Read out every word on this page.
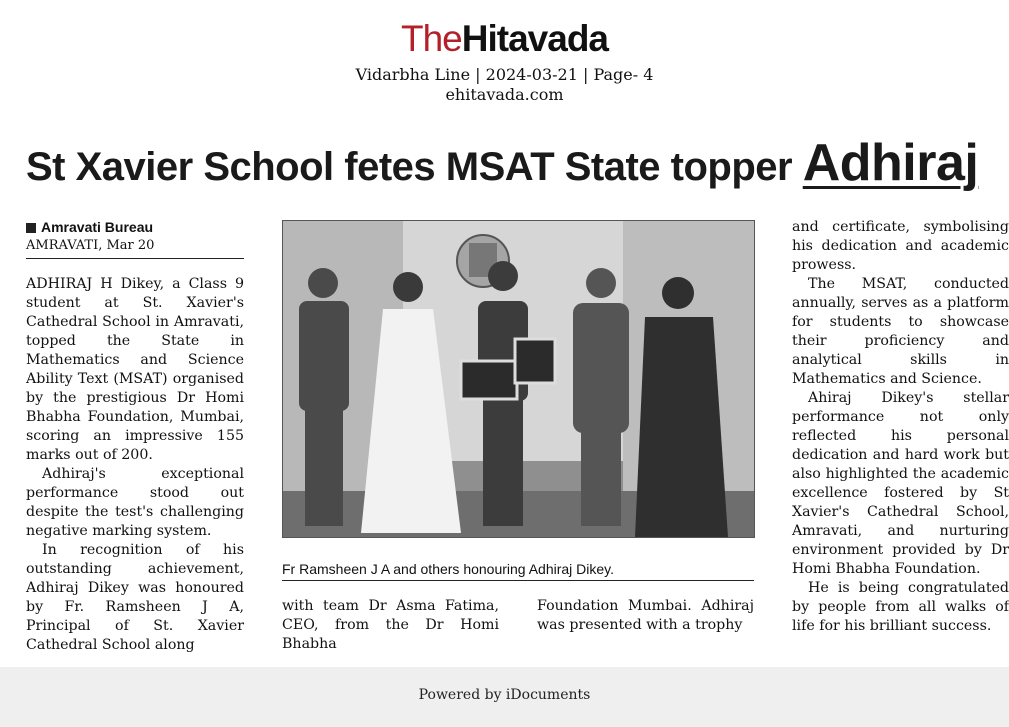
TheHitavada
Vidarbha Line | 2024-03-21 | Page- 4
ehitavada.com
St Xavier School fetes MSAT State topper Adhiraj
Amravati Bureau
AMRAVATI, Mar 20

ADHIRAJ H Dikey, a Class 9 student at St. Xavier's Cathedral School in Amravati, topped the State in Mathematics and Science Ability Text (MSAT) organised by the prestigious Dr Homi Bhabha Foundation, Mumbai, scoring an impressive 155 marks out of 200.

Adhiraj's exceptional performance stood out despite the test's challenging negative marking system.

In recognition of his outstanding achievement, Adhiraj Dikey was honoured by Fr. Ramsheen J A, Principal of St. Xavier Cathedral School along

Fr Ramsheen J A and others honouring Adhiraj Dikey.

with team Dr Asma Fatima, CEO, from the Dr Homi Bhabha

Foundation Mumbai. Adhiraj was presented with a trophy

and certificate, symbolising his dedication and academic prowess.

The MSAT, conducted annually, serves as a platform for students to showcase their proficiency and analytical skills in Mathematics and Science.

Ahiraj Dikey's stellar performance not only reflected his personal dedication and hard work but also highlighted the academic excellence fostered by St Xavier's Cathedral School, Amravati, and nurturing environment provided by Dr Homi Bhabha Foundation.

He is being congratulated by people from all walks of life for his brilliant success.

Powered by iDocuments
